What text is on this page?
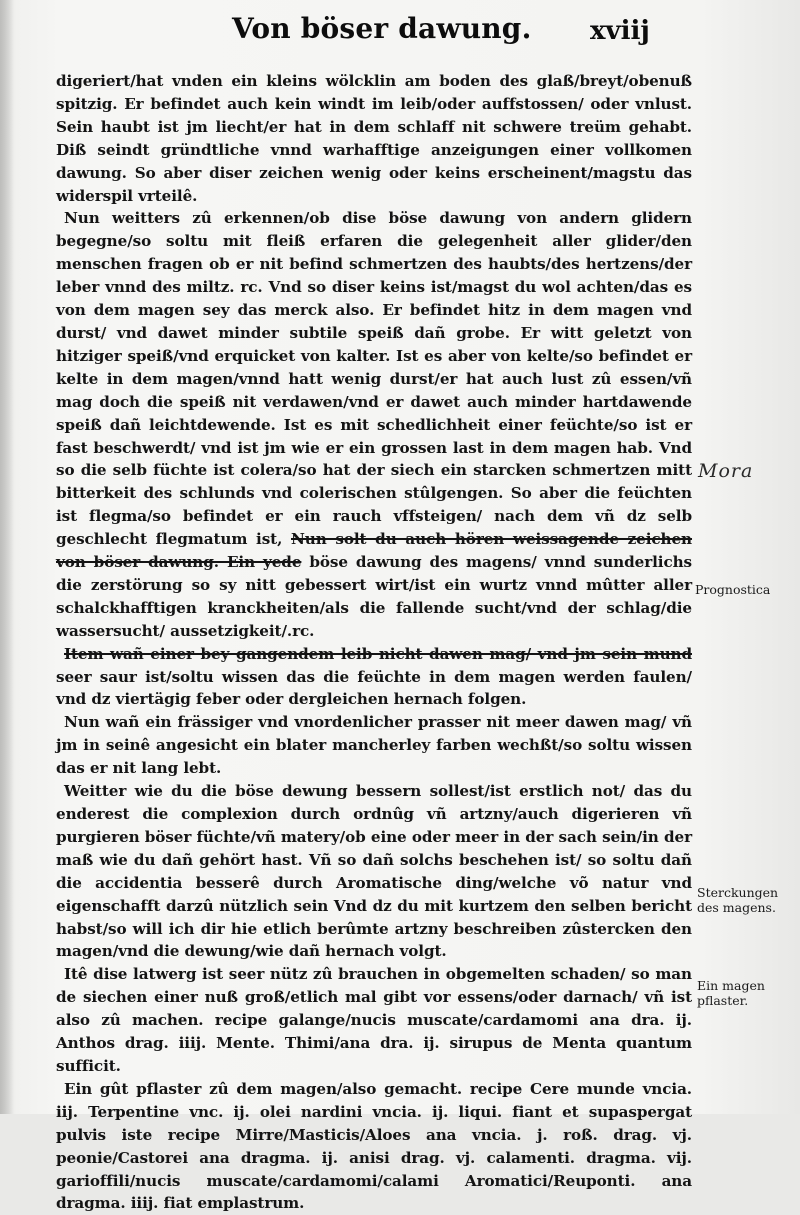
Von böser dawung. xviij

digeriert/hat vnden ein kleins wölcklin am boden des glaß/breyt/obenuß spitzig. Er befindet auch kein windt im leib/oder auffstossen/ oder vnlust. Sein haubt ist jm liecht/er hat in dem schlaff nit schwere treüm gehabt. Diß seindt gründtliche vnnd warhafftige anzeigungen einer vollkomen dawung. So aber diser zeichen wenig oder keins erscheinent/magstu das widerspil vrteilê.

Nun weitters zû erkennen/ob dise böse dawung von andern glidern begegne/so soltu mit fleiß erfaren die gelegenheit aller glider/den menschen fragen ob er nit befind schmertzen des haubts/des hertzens/der leber vnnd des miltz. rc. Vnd so diser keins ist/magst du wol achten/das es von dem magen sey das merck also. Er befindet hitz in dem magen vnd durst/ vnd dawet minder subtile speiß dañ grobe. Er witt geletzt von hitziger speiß/vnd erquicket von kalter. Ist es aber von kelte/so befindet er kelte in dem magen/vnnd hatt wenig durst/er hat auch lust zû essen/vñ mag doch die speiß nit verdawen/vnd er dawet auch minder hartdawende speiß dañ leichtdewende. Ist es mit schedlichheit einer feüchte/so ist er fast beschwerdt/ vnd ist jm wie er ein grossen last in dem magen hab. Vnd so die selb füchte ist colera/so hat der siech ein starcken schmertzen mitt bitterkeit des schlunds vnd colerischen stûlgengen. So aber die feüchten ist flegma/so befindet er ein rauch vffsteigen/ nach dem vñ dz selb geschlecht flegmatum ist, Nun solt du auch hören weissagende zeichen von böser dawung. Ein yede böse dawung des magens/ vnnd sunderlichs die zerstörung so sy nitt gebessert wirt/ist ein wurtz vnnd mûtter aller schalckhafftigen kranckheiten/als die fallende sucht/vnd der schlag/die wassersucht/ aussetzigkeit/.rc.

Item wañ einer bey gangendem leib nicht dawen mag/ vnd jm sein mund seer saur ist/soltu wissen das die feüchte in dem magen werden faulen/ vnd dz viertägig feber oder dergleichen hernach folgen.

Nun wañ ein frässiger vnd vnordenlicher prasser nit meer dawen mag/ vñ jm in seinê angesicht ein blater mancherley farben wechßt/so soltu wissen das er nit lang lebt.

Weitter wie du die böse dewung bessern sollest/ist erstlich not/ das du enderest die complexion durch ordnûg vñ artzny/auch digerieren vñ purgieren böser füchte/vñ matery/ob eine oder meer in der sach sein/in der maß wie du dañ gehört hast. Vñ so dañ solchs beschehen ist/ so soltu dañ die accidentia besserê durch Aromatische ding/welche võ natur vnd eigenschafft darzû nützlich sein Vnd dz du mit kurtzem den selben bericht habst/so will ich dir hie etlich berûmte artzny beschreiben zûstercken den magen/vnd die dewung/wie dañ hernach volgt.

Itê dise latwerg ist seer nütz zû brauchen in obgemelten schaden/ so man de siechen einer nuß groß/etlich mal gibt vor essens/oder darnach/ vñ ist also zû machen. recipe galange/nucis muscate/cardamomi ana dra. ij. Anthos drag. iiij. Mente. Thimi/ana dra. ij. sirupus de Menta quantum sufficit.

Ein gût pflaster zû dem magen/also gemacht. recipe Cere munde vncia. iij. Terpentine vnc. ij. olei nardini vncia. ij. liqui. fiant et supaspergat pulvis iste recipe Mirre/Masticis/Aloes ana vncia. j. roß. drag. vj. peonie/Castorei ana dragma. ij. anisi drag. vj. calamenti. dragma. vij. garioffili/nucis muscate/cardamomi/calami Aromatici/Reuponti. ana dragma. iiij. fiat emplastrum.

Mora
Prognostica
Sterckungen des magens.
Ein magen pflaster.
